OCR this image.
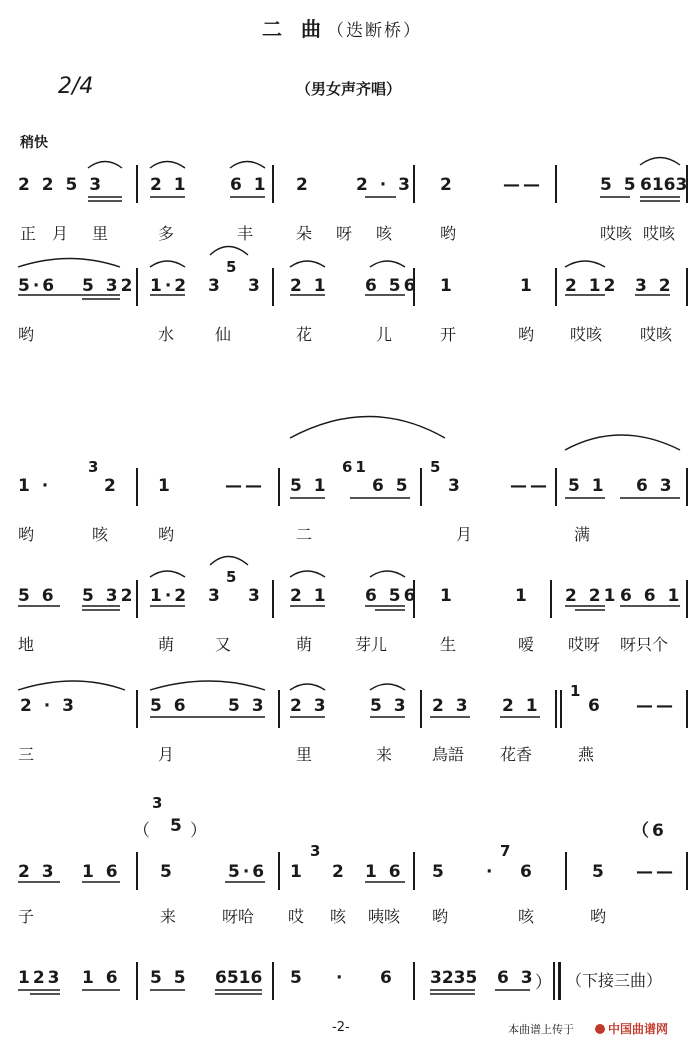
二 曲（迭断桥）
2/4	（男女声齐唱）
稍快
2 2 5 3	2 1 6 1 2	2 · 3 2	——	5 5 6163
正 月 里	多	丰	朵 呀 咳	哟	哎咳 哎咳
5·6 5 32 1·2 3
5
3 2 1 6 56 1	1 2 12 3 2
哟	水	仙	花	儿	开	哟 哎咳 哎咳
1 ·
3
2 1	—— 5 1
61
6 5
5
3	—— 5 1 6 3
哟	咳	哟	二	月	满
5 6 5 32 1·2 3
5
3 2 1 6 56 1	1 2 21 6 6 1
地	萌	又	萌	芽儿	生	嗳 哎呀 呀只个
2 · 3	5 6 5 3 2 3 5 3 2 3 2 1
1
6 ——
三	月	里	来 鳥語 花香	燕
（
3
5 ）	（6
2 3 1 6 5	5·6 1
3
2 1 6 5 ·
7
6	5 ——
子	来	呀哈 哎 咳 咦咳 哟	咳	哟
123 1 6 5 5 6516 5 · 6 3235 6 3 ） （下接三曲）
-2-	本曲谱上传于	中国曲谱网
